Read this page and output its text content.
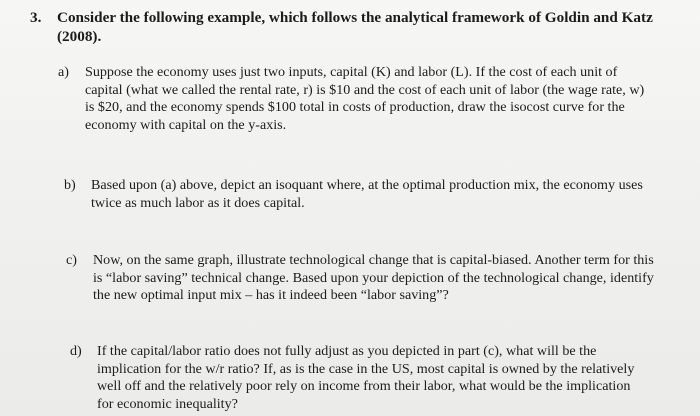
3.	Consider the following example, which follows the analytical framework of Goldin and Katz (2008).
a)	Suppose the economy uses just two inputs, capital (K) and labor (L). If the cost of each unit of capital (what we called the rental rate, r) is $10 and the cost of each unit of labor (the wage rate, w) is $20, and the economy spends $100 total in costs of production, draw the isocost curve for the economy with capital on the y-axis.
b)	Based upon (a) above, depict an isoquant where, at the optimal production mix, the economy uses twice as much labor as it does capital.
c)	Now, on the same graph, illustrate technological change that is capital-biased. Another term for this is “labor saving” technical change. Based upon your depiction of the technological change, identify the new optimal input mix – has it indeed been “labor saving”?
d)	If the capital/labor ratio does not fully adjust as you depicted in part (c), what will be the implication for the w/r ratio? If, as is the case in the US, most capital is owned by the relatively well off and the relatively poor rely on income from their labor, what would be the implication for economic inequality?
